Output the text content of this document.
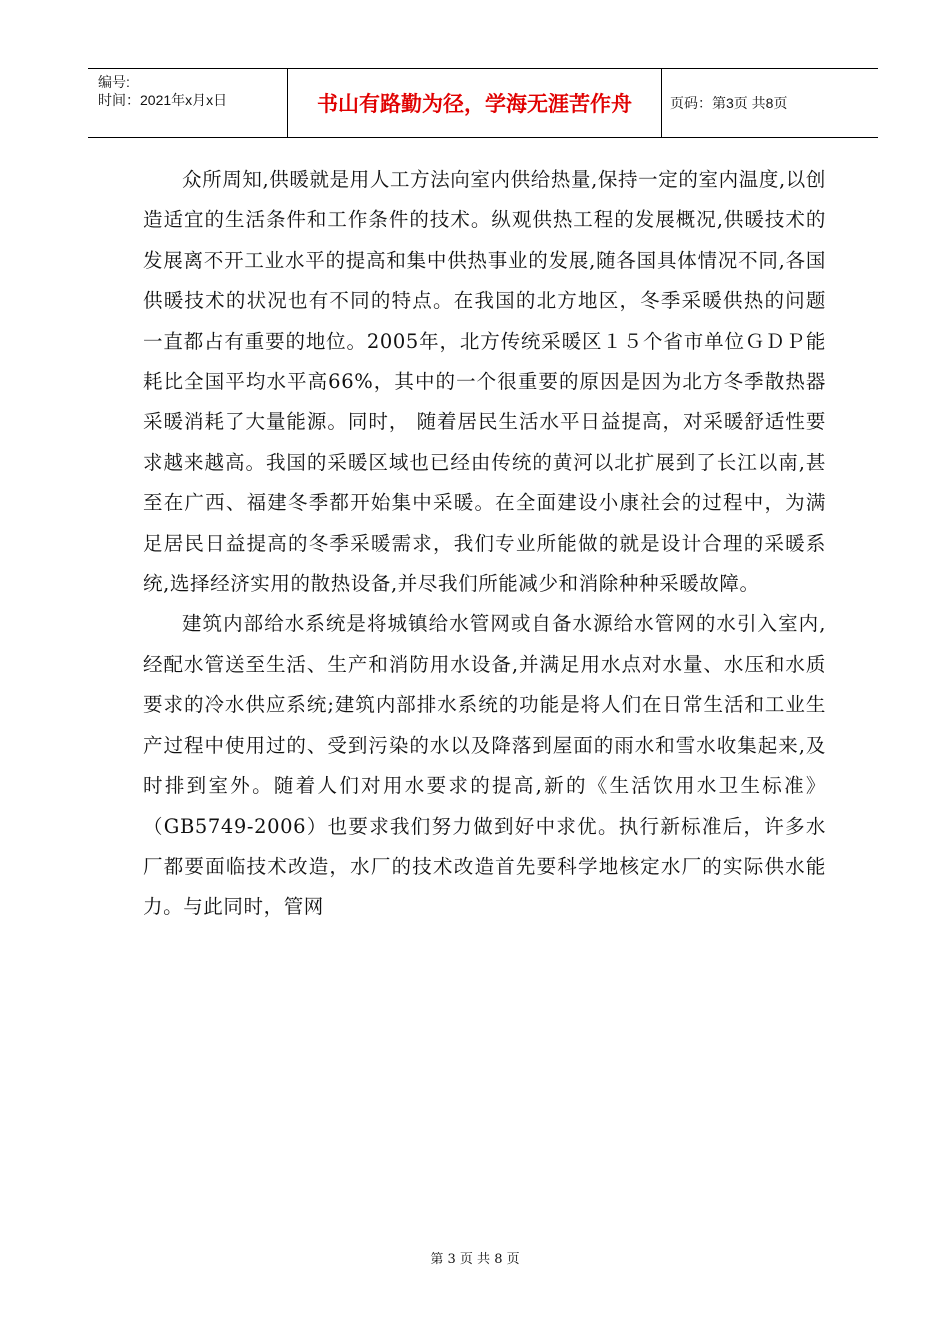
编号:
时间：2021年x月x日	书山有路勤为径，学海无涯苦作舟	页码：第3页 共8页

众所周知,供暖就是用人工方法向室内供给热量,保持一定的室内温度,以创造适宜的生活条件和工作条件的技术。纵观供热工程的发展概况,供暖技术的发展离不开工业水平的提高和集中供热事业的发展,随各国具体情况不同,各国供暖技术的状况也有不同的特点。在我国的北方地区，冬季采暖供热的问题一直都占有重要的地位。2005年，北方传统采暖区１５个省市单位ＧＤＰ能耗比全国平均水平高66%，其中的一个很重要的原因是因为北方冬季散热器采暖消耗了大量能源。同时， 随着居民生活水平日益提高，对采暖舒适性要求越来越高。我国的采暖区域也已经由传统的黄河以北扩展到了长江以南,甚至在广西、福建冬季都开始集中采暖。在全面建设小康社会的过程中，为满足居民日益提高的冬季采暖需求，我们专业所能做的就是设计合理的采暖系统,选择经济实用的散热设备,并尽我们所能减少和消除种种采暖故障。

建筑内部给水系统是将城镇给水管网或自备水源给水管网的水引入室内,经配水管送至生活、生产和消防用水设备,并满足用水点对水量、水压和水质要求的冷水供应系统;建筑内部排水系统的功能是将人们在日常生活和工业生产过程中使用过的、受到污染的水以及降落到屋面的雨水和雪水收集起来,及时排到室外。随着人们对用水要求的提高,新的《生活饮用水卫生标准》（GB5749-2006）也要求我们努力做到好中求优。执行新标准后，许多水厂都要面临技术改造，水厂的技术改造首先要科学地核定水厂的实际供水能力。与此同时，管网

第 3 页 共 8 页
